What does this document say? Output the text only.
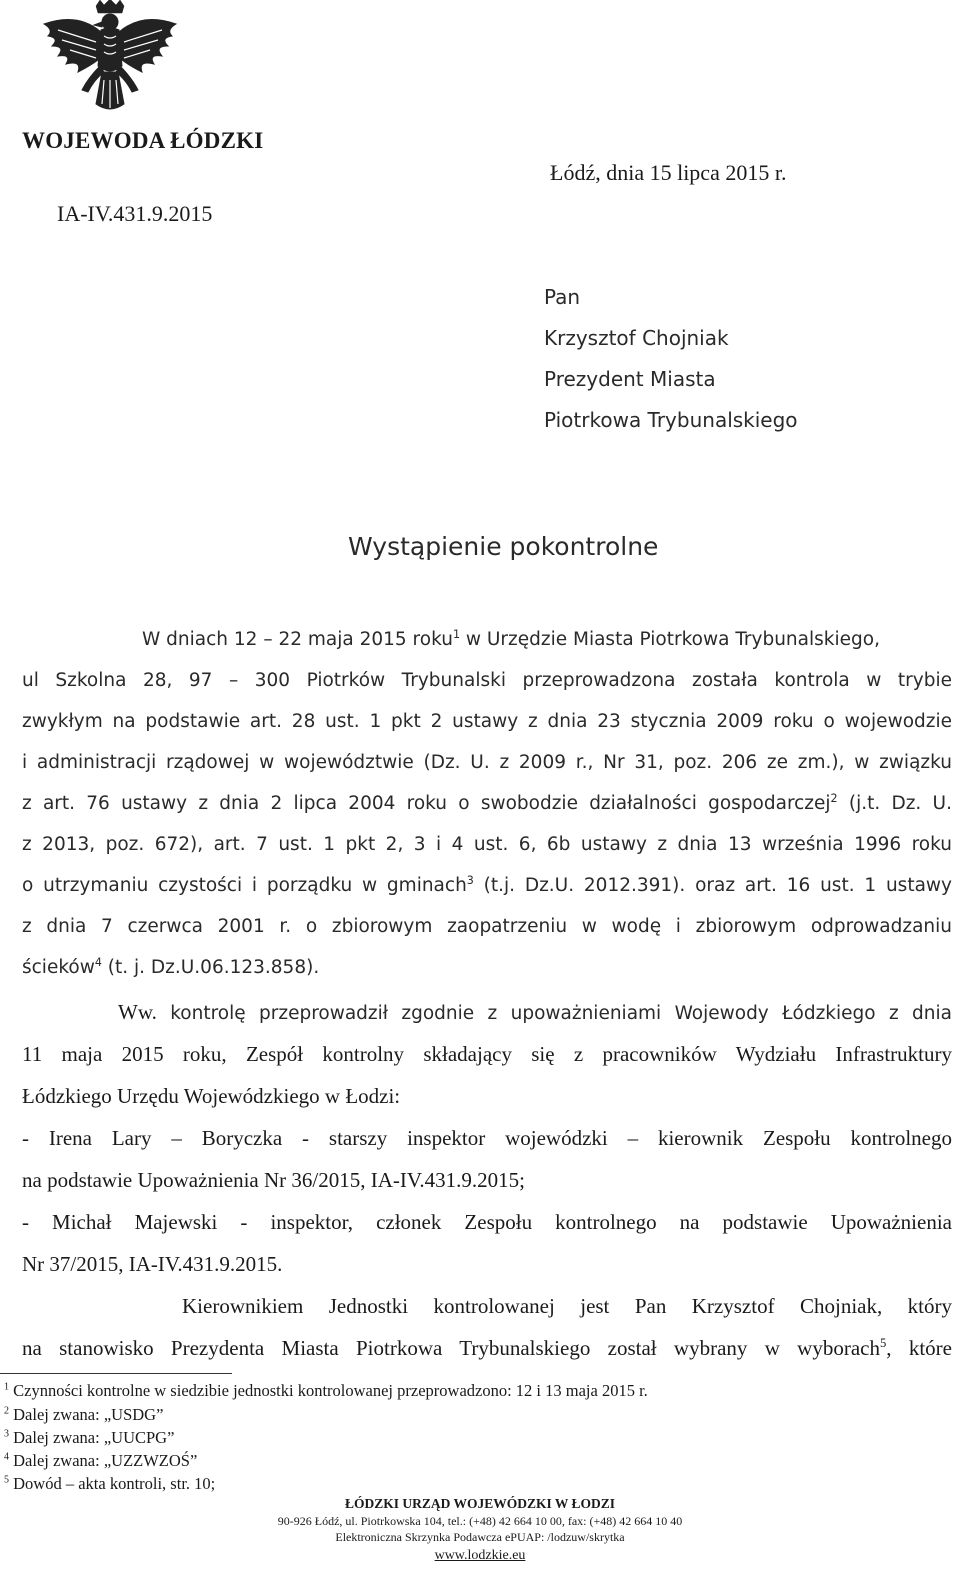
WOJEWODA ŁÓDZKI
Łódź, dnia 15 lipca 2015 r.
IA-IV.431.9.2015
Pan
Krzysztof Chojniak
Prezydent Miasta
Piotrkowa Trybunalskiego
Wystąpienie pokontrolne
W dniach 12 – 22 maja 2015 roku$^1$ w Urzędzie Miasta Piotrkowa Trybunalskiego,
ul Szkolna 28, 97 – 300 Piotrków Trybunalski przeprowadzona została kontrola w trybie
zwykłym na podstawie art. 28 ust. 1 pkt 2 ustawy z dnia 23 stycznia 2009 roku o wojewodzie
i administracji rządowej w województwie (Dz. U. z 2009 r., Nr 31, poz. 206 ze zm.), w związku
z art. 76 ustawy z dnia 2 lipca 2004 roku o swobodzie działalności gospodarczej$^2$ (j.t. Dz. U.
z 2013, poz. 672), art. 7 ust. 1 pkt 2, 3 i 4 ust. 6, 6b ustawy z dnia 13 września 1996 roku
o utrzymaniu czystości i porządku w gminach$^3$ (t.j. Dz.U. 2012.391). oraz art. 16 ust. 1 ustawy
z dnia 7 czerwca 2001 r. o zbiorowym zaopatrzeniu w wodę i zbiorowym odprowadzaniu
ścieków$^4$ (t. j. Dz.U.06.123.858).
Ww. kontrolę przeprowadził zgodnie z upoważnieniami Wojewody Łódzkiego z dnia
11 maja 2015 roku, Zespół kontrolny składający się z pracowników Wydziału Infrastruktury
Łódzkiego Urzędu Wojewódzkiego w Łodzi:
- Irena Lary – Boryczka - starszy inspektor wojewódzki – kierownik Zespołu kontrolnego
na podstawie Upoważnienia Nr 36/2015, IA-IV.431.9.2015;
- Michał Majewski - inspektor, członek Zespołu kontrolnego na podstawie Upoważnienia
Nr 37/2015, IA-IV.431.9.2015.
Kierownikiem Jednostki kontrolowanej jest Pan Krzysztof Chojniak, który
na stanowisko Prezydenta Miasta Piotrkowa Trybunalskiego został wybrany w wyborach$^5$, które
$^1$ Czynności kontrolne w siedzibie jednostki kontrolowanej przeprowadzono: 12 i 13 maja 2015 r.
$^2$ Dalej zwana: „USDG”
$^3$ Dalej zwana: „UUCPG”
$^4$ Dalej zwana: „UZZWZOŚ”
$^5$ Dowód – akta kontroli, str. 10;
ŁÓDZKI URZĄD WOJEWÓDZKI W ŁODZI
90-926 Łódź, ul. Piotrkowska 104, tel.: (+48) 42 664 10 00, fax: (+48) 42 664 10 40
Elektroniczna Skrzynka Podawcza ePUAP: /lodzuw/skrytka
www.lodzkie.eu
